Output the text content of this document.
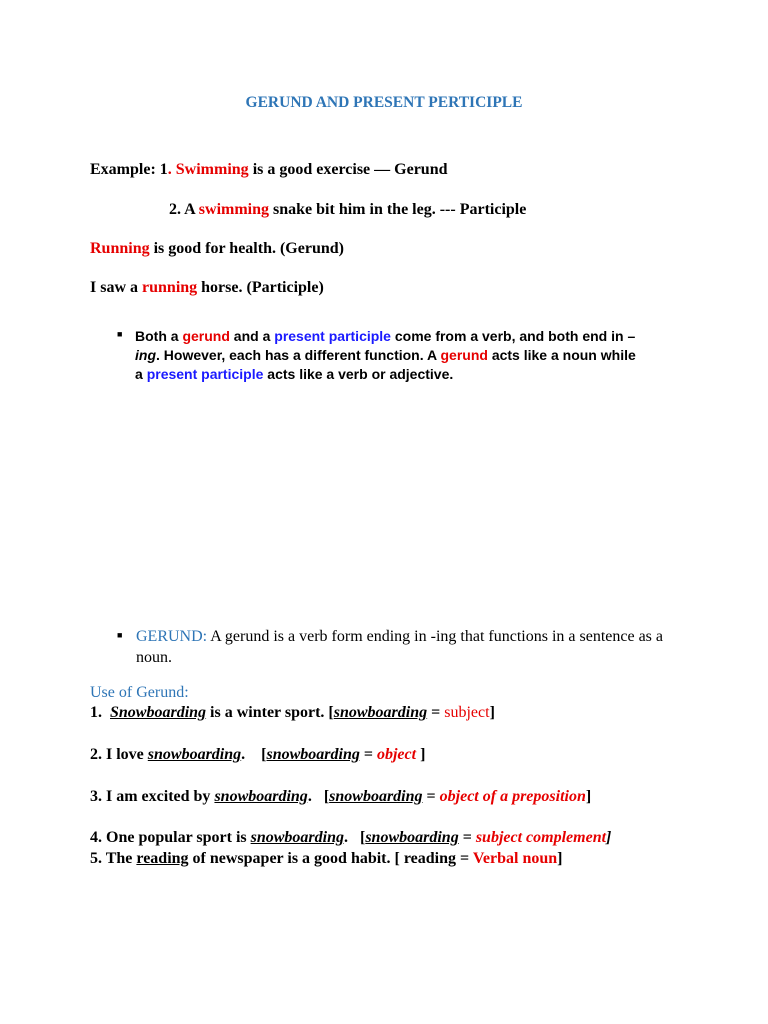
GERUND AND PRESENT PERTICIPLE
Example: 1. Swimming is a good exercise — Gerund
2. A swimming snake bit him in the leg. --- Participle
Running is good for health. (Gerund)
I saw a running horse. (Participle)
■ Both a gerund and a present participle come from a verb, and both end in –
ing. However, each has a different function. A gerund acts like a noun while
a present participle acts like a verb or adjective.
■ GERUND: A gerund is a verb form ending in -ing that functions in a sentence as a noun.
Use of Gerund:
1. Snowboarding is a winter sport. [snowboarding = subject]
2. I love snowboarding.    [snowboarding = object ]
3. I am excited by snowboarding.   [snowboarding = object of a preposition]
4. One popular sport is snowboarding.   [snowboarding = subject complement]
5. The reading of newspaper is a good habit. [ reading = Verbal noun]
